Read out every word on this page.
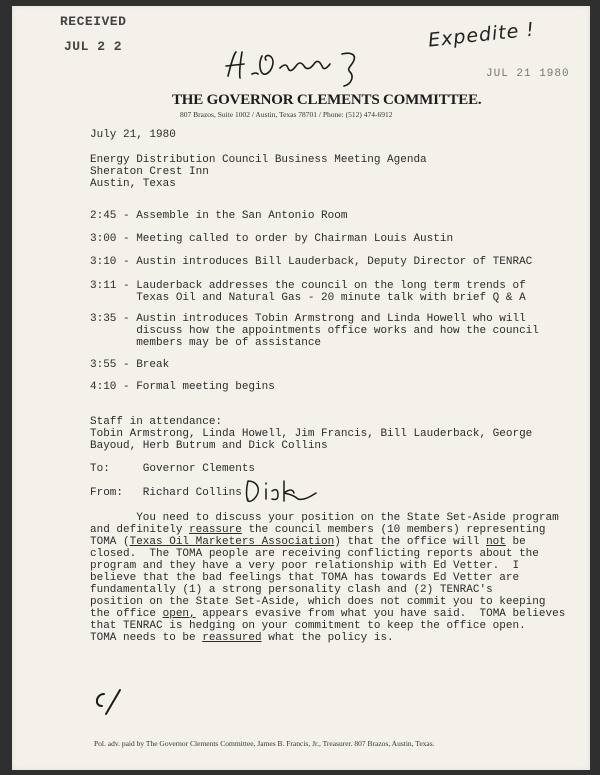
RECEIVED
JUL 2 2	Expedite !
JUL 21 1980
THE GOVERNOR CLEMENTS COMMITTEE.
807 Brazos, Suite 1002 / Austin, Texas 78701 / Phone: (512) 474-6912
July 21, 1980
Energy Distribution Council Business Meeting Agenda
Sheraton Crest Inn
Austin, Texas
2:45 - Assemble in the San Antonio Room
3:00 - Meeting called to order by Chairman Louis Austin
3:10 - Austin introduces Bill Lauderback, Deputy Director of TENRAC
3:11 - Lauderback addresses the council on the long term trends of
Texas Oil and Natural Gas - 20 minute talk with brief Q & A
3:35 - Austin introduces Tobin Armstrong and Linda Howell who will
discuss how the appointments office works and how the council
members may be of assistance
3:55 - Break
4:10 - Formal meeting begins
Staff in attendance:
Tobin Armstrong, Linda Howell, Jim Francis, Bill Lauderback, George
Bayoud, Herb Butrum and Dick Collins
To:     Governor Clements
From:   Richard Collins
You need to discuss your position on the State Set-Aside program
and definitely reassure the council members (10 members) representing
TOMA (Texas Oil Marketers Association) that the office will not be
closed.  The TOMA people are receiving conflicting reports about the
program and they have a very poor relationship with Ed Vetter.  I
believe that the bad feelings that TOMA has towards Ed Vetter are
fundamentally (1) a strong personality clash and (2) TENRAC's
position on the State Set-Aside, which does not commit you to keeping
the office open, appears evasive from what you have said.  TOMA believes
that TENRAC is hedging on your commitment to keep the office open.
TOMA needs to be reassured what the policy is.
​
Pol. adv. paid by The Governor Clements Committee, James B. Francis, Jr., Treasurer. 807 Brazos, Austin, Texas.
